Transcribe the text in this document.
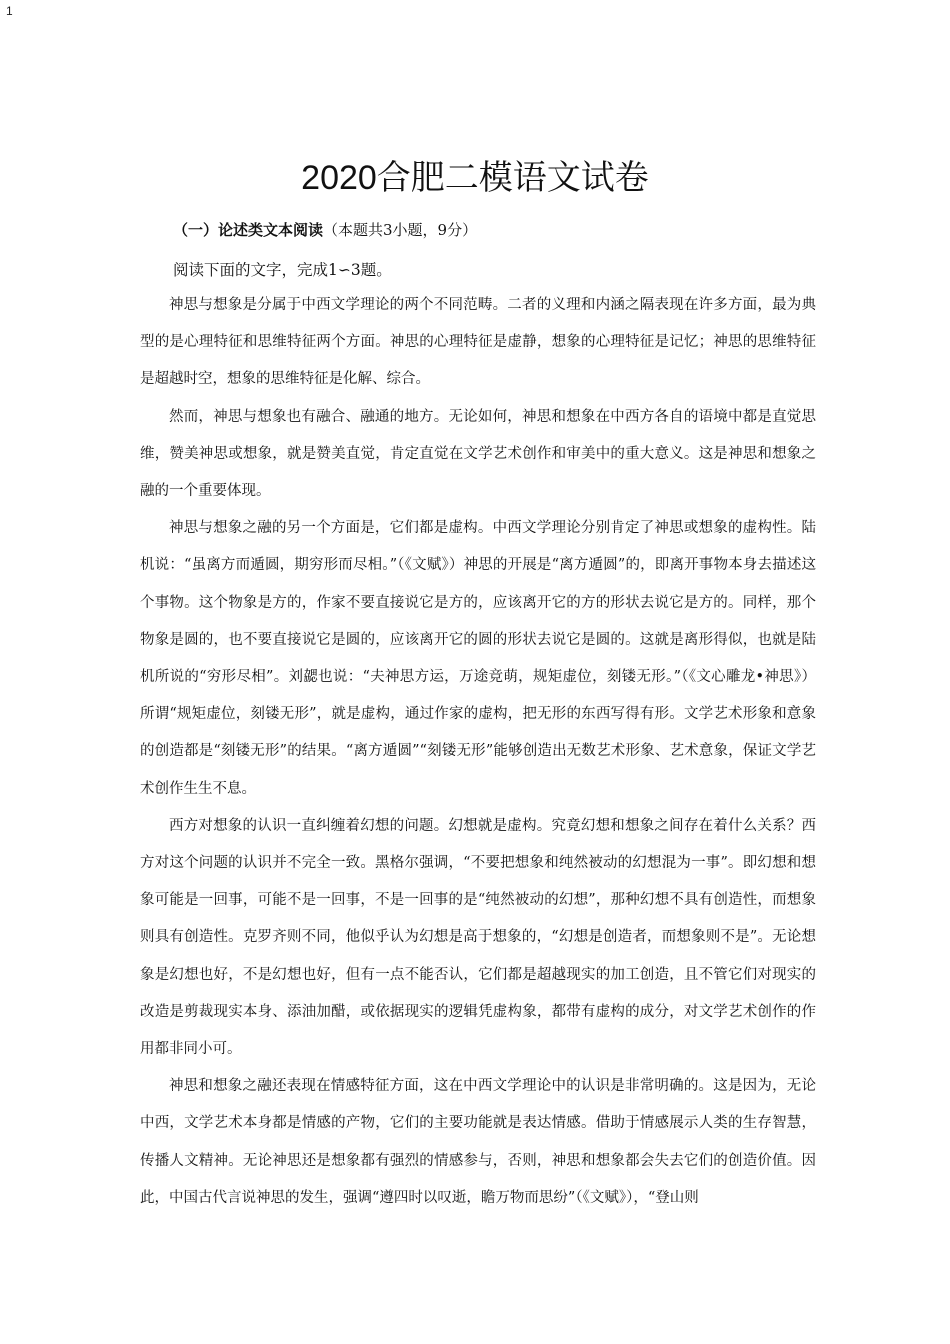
1
2020合肥二模语文试卷
（一）论述类文本阅读（本题共3小题，9分）
阅读下面的文字，完成1∽3题。

神思与想象是分属于中西文学理论的两个不同范畴。二者的义理和内涵之隔表现在许多方面，最为典型的是心理特征和思维特征两个方面。神思的心理特征是虚静，想象的心理特征是记忆；神思的思维特征是超越时空，想象的思维特征是化解、综合。

然而，神思与想象也有融合、融通的地方。无论如何，神思和想象在中西方各自的语境中都是直觉思维，赞美神思或想象，就是赞美直觉，肯定直觉在文学艺术创作和审美中的重大意义。这是神思和想象之融的一个重要体现。

神思与想象之融的另一个方面是，它们都是虚构。中西文学理论分别肯定了神思或想象的虚构性。陆机说：“虽离方而遁圆，期穷形而尽相。”（《文赋》）神思的开展是“离方遁圆”的，即离开事物本身去描述这个事物。这个物象是方的，作家不要直接说它是方的，应该离开它的方的形状去说它是方的。同样，那个物象是圆的，也不要直接说它是圆的，应该离开它的圆的形状去说它是圆的。这就是离形得似，也就是陆机所说的“穷形尽相”。刘勰也说：“夫神思方运，万途竞萌，规矩虚位，刻镂无形。”（《文心雕龙•神思》）所谓“规矩虚位，刻镂无形”，就是虚构，通过作家的虚构，把无形的东西写得有形。文学艺术形象和意象的创造都是“刻镂无形”的结果。“离方遁圆”“刻镂无形”能够创造出无数艺术形象、艺术意象，保证文学艺术创作生生不息。

西方对想象的认识一直纠缠着幻想的问题。幻想就是虚构。究竟幻想和想象之间存在着什么关系？西方对这个问题的认识并不完全一致。黑格尔强调，“不要把想象和纯然被动的幻想混为一事”。即幻想和想象可能是一回事，可能不是一回事，不是一回事的是“纯然被动的幻想”，那种幻想不具有创造性，而想象则具有创造性。克罗齐则不同，他似乎认为幻想是高于想象的，“幻想是创造者，而想象则不是”。无论想象是幻想也好，不是幻想也好，但有一点不能否认，它们都是超越现实的加工创造，且不管它们对现实的改造是剪裁现实本身、添油加醋，或依据现实的逻辑凭虚构象，都带有虚构的成分，对文学艺术创作的作用都非同小可。

神思和想象之融还表现在情感特征方面，这在中西文学理论中的认识是非常明确的。这是因为，无论中西，文学艺术本身都是情感的产物，它们的主要功能就是表达情感。借助于情感展示人类的生存智慧，传播人文精神。无论神思还是想象都有强烈的情感参与，否则，神思和想象都会失去它们的创造价值。因此，中国古代言说神思的发生，强调“遵四时以叹逝，瞻万物而思纷”（《文赋》），“登山则
